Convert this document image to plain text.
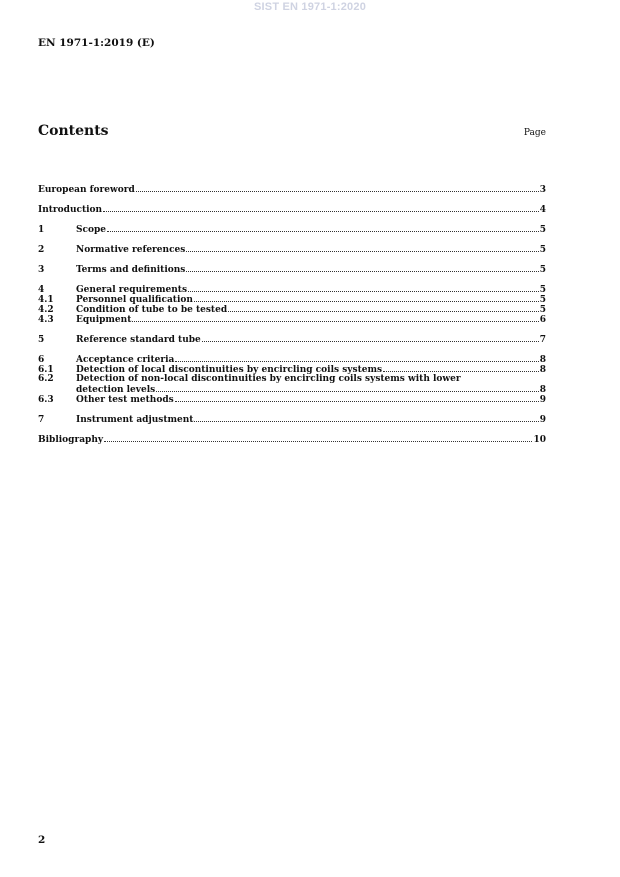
SIST EN 1971-1:2020
EN 1971-1:2019 (E)
Contents	Page
European foreword	3
Introduction	4
1	Scope	5
2	Normative references	5
3	Terms and definitions	5
4	General requirements	5
4.1	Personnel qualification	5
4.2	Condition of tube to be tested	5
4.3	Equipment	6
5	Reference standard tube	7
6	Acceptance criteria	8
6.1	Detection of local discontinuities by encircling coils systems	8
6.2	Detection of non-local discontinuities by encircling coils systems with lower
detection levels	8
6.3	Other test methods	9
7	Instrument adjustment	9
Bibliography	10
2
